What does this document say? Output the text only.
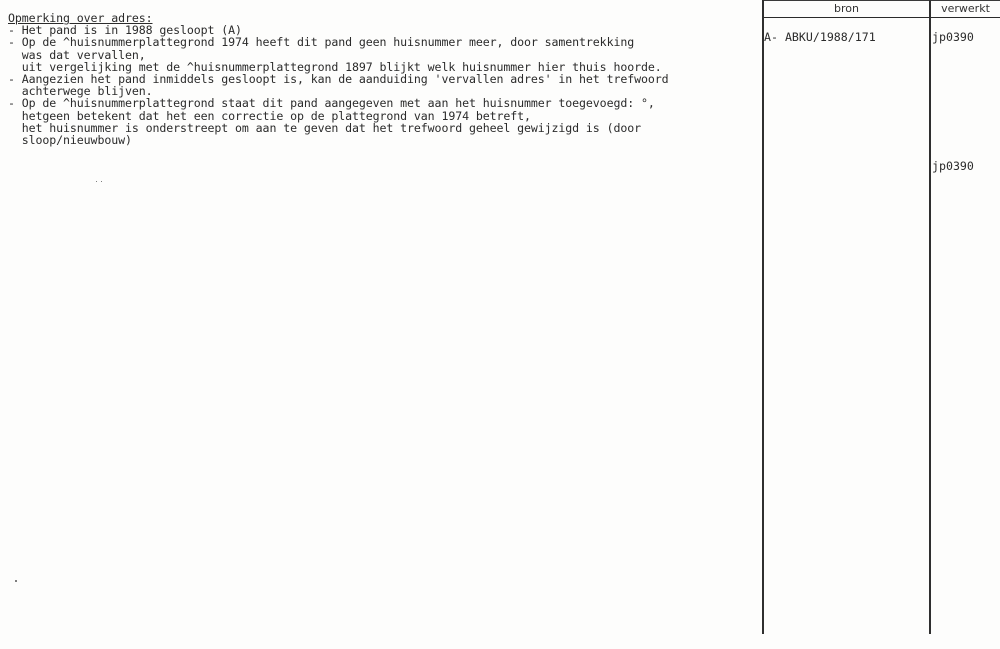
bron	verwerkt
Opmerking over adres:
- Het pand is in 1988 gesloopt (A)
- Op de ^huisnummerplattegrond 1974 heeft dit pand geen huisnummer meer, door samentrekking
was dat vervallen,
uit vergelijking met de ^huisnummerplattegrond 1897 blijkt welk huisnummer hier thuis hoorde.
- Aangezien het pand inmiddels gesloopt is, kan de aanduiding 'vervallen adres' in het trefwoord
achterwege blijven.
- Op de ^huisnummerplattegrond staat dit pand aangegeven met aan het huisnummer toegevoegd: °,
hetgeen betekent dat het een correctie op de plattegrond van 1974 betreft,
het huisnummer is onderstreept om aan te geven dat het trefwoord geheel gewijzigd is (door
sloop/nieuwbouw)
A- ABKU/1988/171	jp0390
jp0390
